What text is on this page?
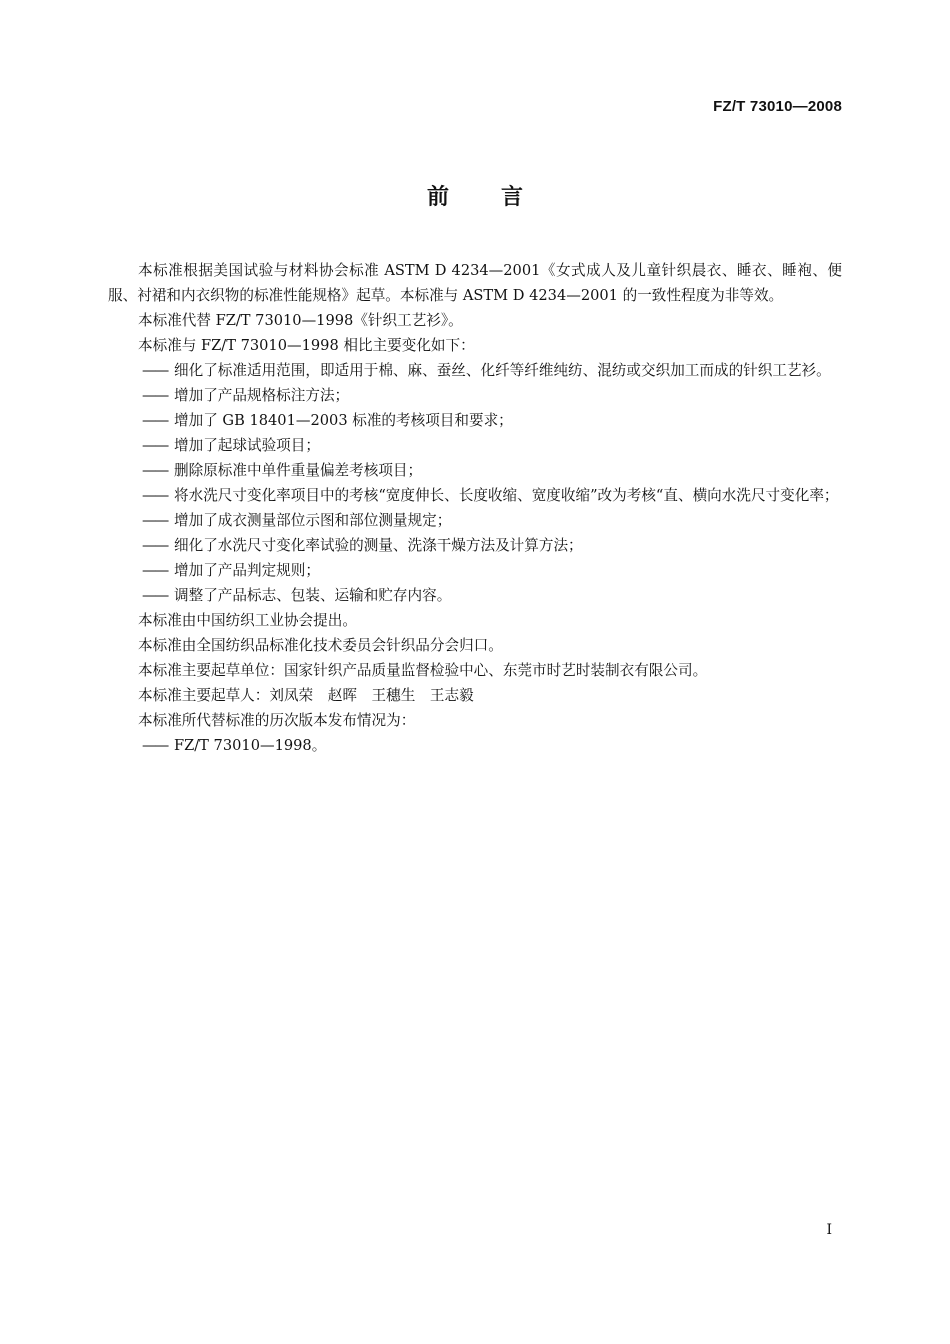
FZ/T 73010—2008
前言

本标准根据美国试验与材料协会标准 ASTM D 4234—2001《女式成人及儿童针织晨衣、睡衣、睡袍、便服、衬裙和内衣织物的标准性能规格》起草。本标准与 ASTM D 4234—2001 的一致性程度为非等效。

本标准代替 FZ/T 73010—1998《针织工艺衫》。

本标准与 FZ/T 73010—1998 相比主要变化如下：

—— 细化了标准适用范围，即适用于棉、麻、蚕丝、化纤等纤维纯纺、混纺或交织加工而成的针织工艺衫。
—— 增加了产品规格标注方法；
—— 增加了 GB 18401—2003 标准的考核项目和要求；
—— 增加了起球试验项目；
—— 删除原标准中单件重量偏差考核项目；
—— 将水洗尺寸变化率项目中的考核“宽度伸长、长度收缩、宽度收缩”改为考核“直、横向水洗尺寸变化率；
—— 增加了成衣测量部位示图和部位测量规定；
—— 细化了水洗尺寸变化率试验的测量、洗涤干燥方法及计算方法；
—— 增加了产品判定规则；
—— 调整了产品标志、包装、运输和贮存内容。

本标准由中国纺织工业协会提出。

本标准由全国纺织品标准化技术委员会针织品分会归口。

本标准主要起草单位：国家针织产品质量监督检验中心、东莞市时艺时装制衣有限公司。

本标准主要起草人：刘凤荣　赵晖　王穗生　王志毅

本标准所代替标准的历次版本发布情况为：

—— FZ/T 73010—1998。
I
